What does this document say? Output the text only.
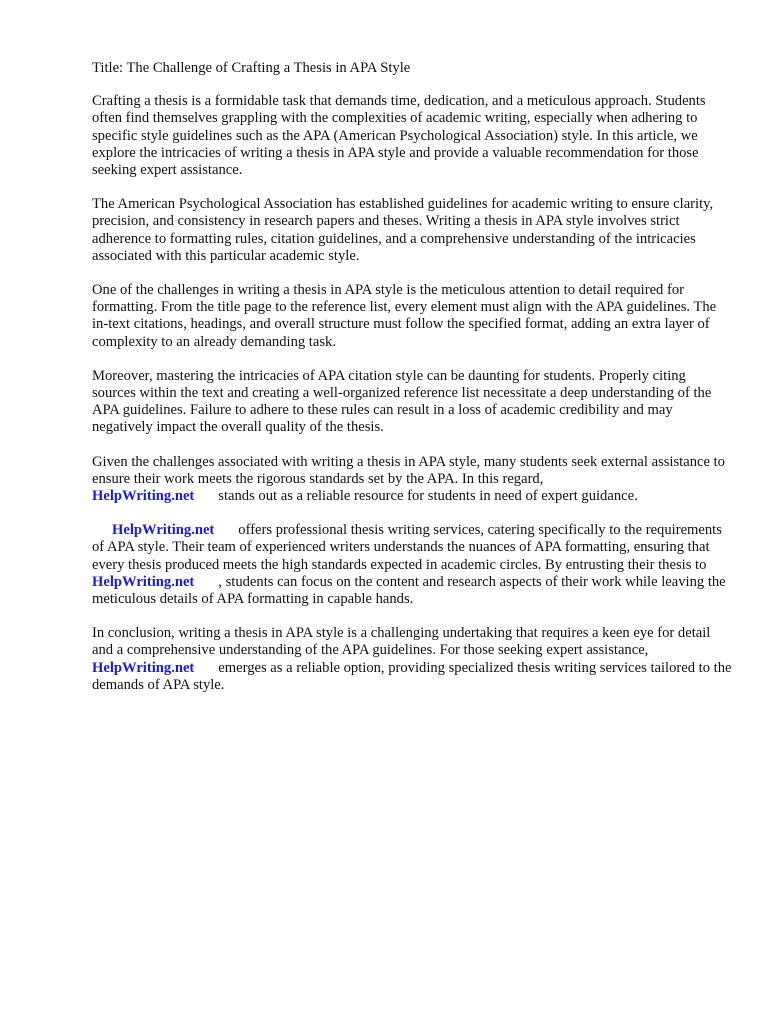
Title: The Challenge of Crafting a Thesis in APA Style

Crafting a thesis is a formidable task that demands time, dedication, and a meticulous approach. Students often find themselves grappling with the complexities of academic writing, especially when adhering to specific style guidelines such as the APA (American Psychological Association) style. In this article, we explore the intricacies of writing a thesis in APA style and provide a valuable recommendation for those seeking expert assistance.

The American Psychological Association has established guidelines for academic writing to ensure clarity, precision, and consistency in research papers and theses. Writing a thesis in APA style involves strict adherence to formatting rules, citation guidelines, and a comprehensive understanding of the intricacies associated with this particular academic style.

One of the challenges in writing a thesis in APA style is the meticulous attention to detail required for formatting. From the title page to the reference list, every element must align with the APA guidelines. The in-text citations, headings, and overall structure must follow the specified format, adding an extra layer of complexity to an already demanding task.

Moreover, mastering the intricacies of APA citation style can be daunting for students. Properly citing sources within the text and creating a well-organized reference list necessitate a deep understanding of the APA guidelines. Failure to adhere to these rules can result in a loss of academic credibility and may negatively impact the overall quality of the thesis.

Given the challenges associated with writing a thesis in APA style, many students seek external assistance to ensure their work meets the rigorous standards set by the APA. In this regard,
HelpWriting.net stands out as a reliable resource for students in need of expert guidance.

HelpWriting.net offers professional thesis writing services, catering specifically to the requirements of APA style. Their team of experienced writers understands the nuances of APA formatting, ensuring that every thesis produced meets the high standards expected in academic circles. By entrusting their thesis toHelpWriting.net , students can focus on the content and research aspects of their work while leaving the meticulous details of APA formatting in capable hands.

In conclusion, writing a thesis in APA style is a challenging undertaking that requires a keen eye for detail and a comprehensive understanding of the APA guidelines. For those seeking expert assistance,HelpWriting.net emerges as a reliable option, providing specialized thesis writing services tailored to the demands of APA style.
